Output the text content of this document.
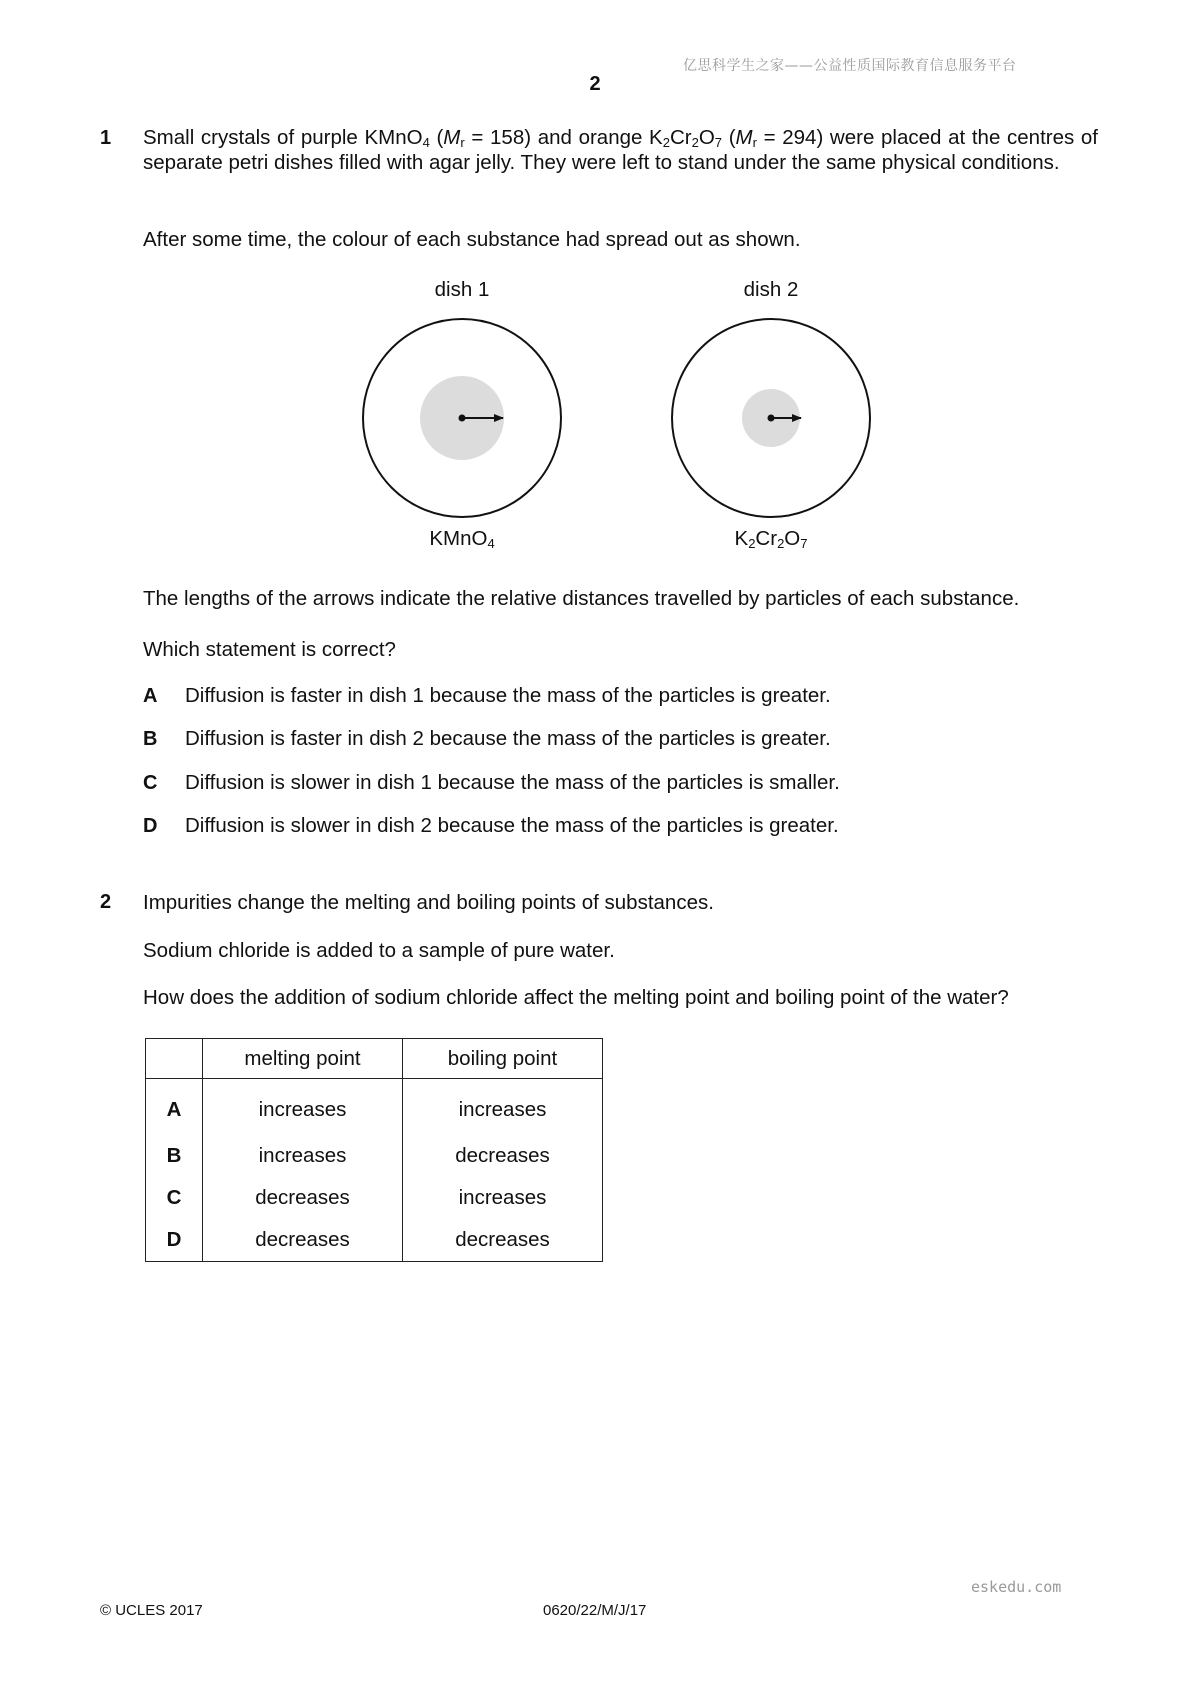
亿思科学生之家——公益性质国际教育信息服务平台
2
1 Small crystals of purple KMnO$_4$ $(M_r = 158)$ and orange $K_2Cr_2O_7$ $(M_r = 294)$ were placed at the centres of separate petri dishes filled with agar jelly. They were left to stand under the same physical conditions.
After some time, the colour of each substance had spread out as shown.
dish 1	dish 2
KMnO$_4$	$K_2Cr_2O_7$
The lengths of the arrows indicate the relative distances travelled by particles of each substance.
Which statement is correct?
A Diffusion is faster in dish 1 because the mass of the particles is greater.
B Diffusion is faster in dish 2 because the mass of the particles is greater.
C Diffusion is slower in dish 1 because the mass of the particles is smaller.
D Diffusion is slower in dish 2 because the mass of the particles is greater.
2 Impurities change the melting and boiling points of substances.
Sodium chloride is added to a sample of pure water.
How does the addition of sodium chloride affect the melting point and boiling point of the water?
	melting point	boiling point
A	increases	increases
B	increases	decreases
C	decreases	increases
D	decreases	decreases
eskedu.com
© UCLES 2017	0620/22/M/J/17
